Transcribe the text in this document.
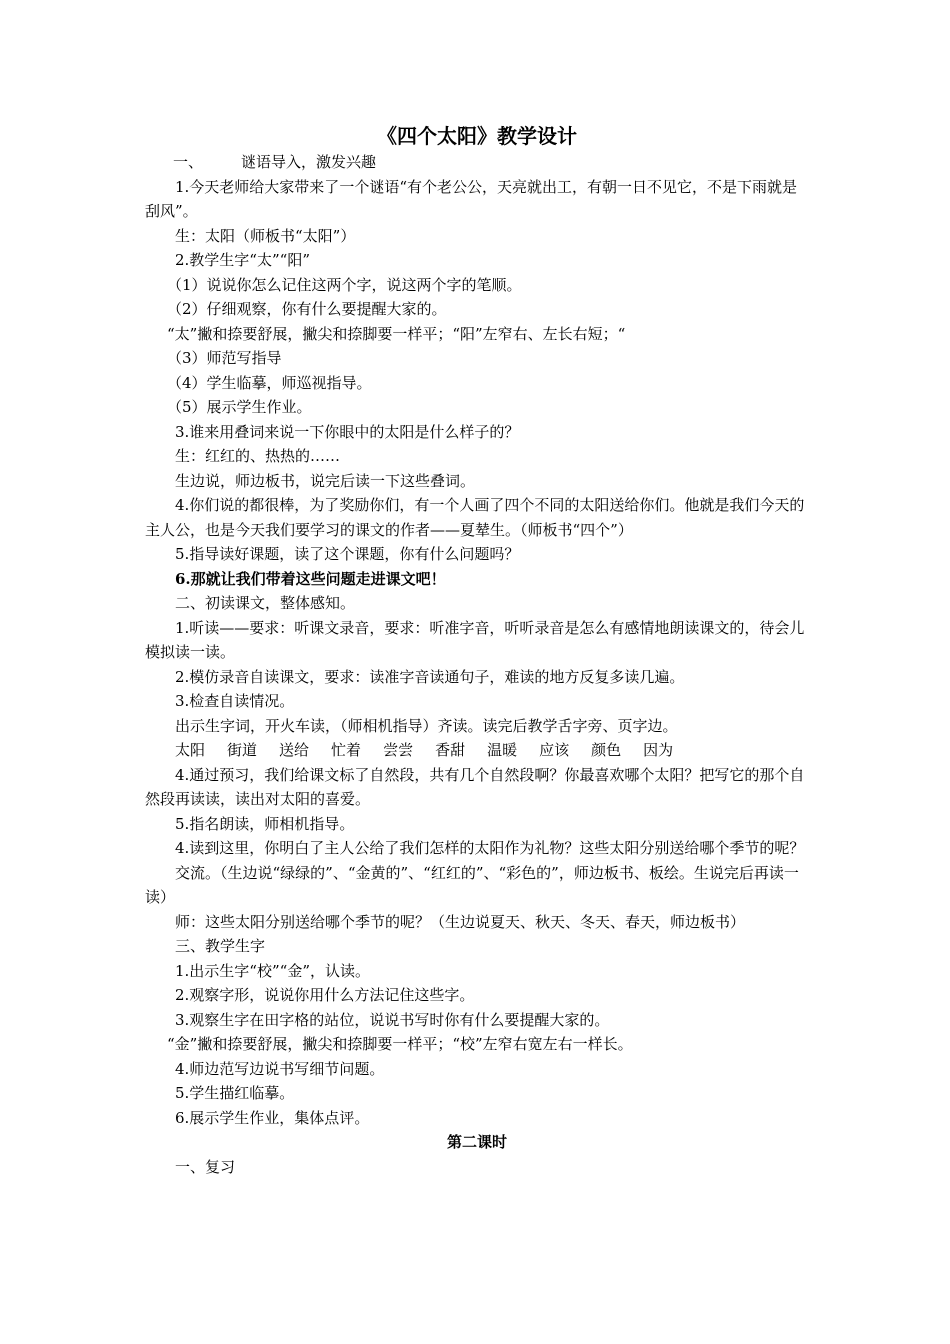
《四个太阳》教学设计
一、	谜语导入，激发兴趣
1.今天老师给大家带来了一个谜语“有个老公公，天亮就出工，有朝一日不见它，不是下雨就是刮风”。
生：太阳（师板书“太阳”）
2.教学生字“太”“阳”
（1）说说你怎么记住这两个字，说这两个字的笔顺。
（2）仔细观察，你有什么要提醒大家的。
“太”撇和捺要舒展，撇尖和捺脚要一样平；“阳”左窄右、左长右短；“
（3）师范写指导
（4）学生临摹，师巡视指导。
（5）展示学生作业。
3.谁来用叠词来说一下你眼中的太阳是什么样子的？
生：红红的、热热的……
生边说，师边板书，说完后读一下这些叠词。
4.你们说的都很棒，为了奖励你们，有一个人画了四个不同的太阳送给你们。他就是我们今天的主人公，也是今天我们要学习的课文的作者——夏辇生。（师板书“四个”）
5.指导读好课题，读了这个课题，你有什么问题吗？
6.那就让我们带着这些问题走进课文吧！
二、初读课文，整体感知。
1.听读——要求：听课文录音，要求：听准字音，听听录音是怎么有感情地朗读课文的，待会儿模拟读一读。
2.模仿录音自读课文，要求：读准字音读通句子，难读的地方反复多读几遍。
3.检查自读情况。
出示生字词，开火车读，（师相机指导）齐读。读完后教学舌字旁、页字边。
太阳 街道 送给 忙着 尝尝 香甜 温暖 应该 颜色 因为
4.通过预习，我们给课文标了自然段，共有几个自然段啊？你最喜欢哪个太阳？把写它的那个自然段再读读，读出对太阳的喜爱。
5.指名朗读，师相机指导。
4.读到这里，你明白了主人公给了我们怎样的太阳作为礼物？这些太阳分别送给哪个季节的呢？
交流。（生边说“绿绿的”、“金黄的”、“红红的”、“彩色的”，师边板书、板绘。生说完后再读一读）
师：这些太阳分别送给哪个季节的呢？（生边说夏天、秋天、冬天、春天，师边板书）
三、教学生字
1.出示生字“校”“金”，认读。
2.观察字形，说说你用什么方法记住这些字。
3.观察生字在田字格的站位，说说书写时你有什么要提醒大家的。
“金”撇和捺要舒展，撇尖和捺脚要一样平；“校”左窄右宽左右一样长。
4.师边范写边说书写细节问题。
5.学生描红临摹。
6.展示学生作业，集体点评。
第二课时
一、复习
